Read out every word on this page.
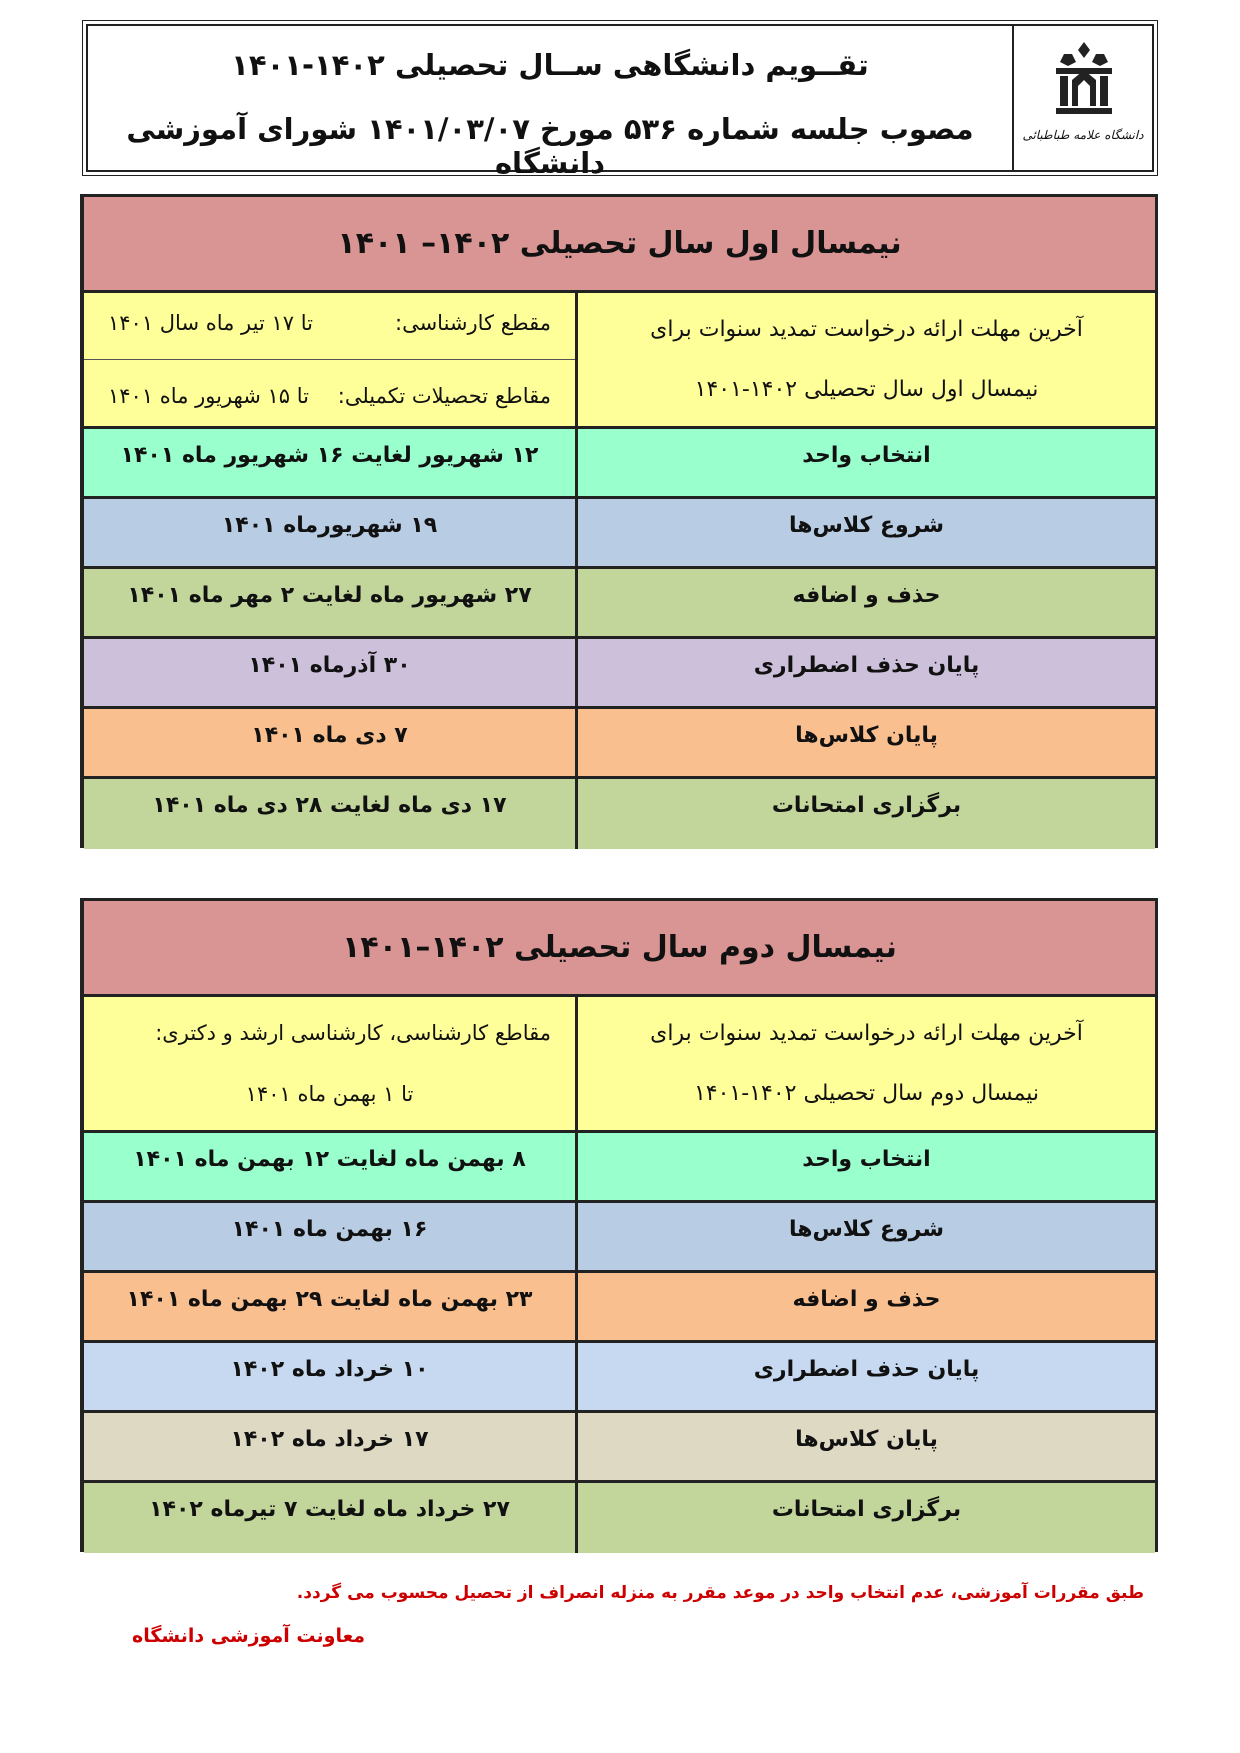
دانشگاه علامه طباطبائی
تقــویم دانشگاهی ســال تحصیلی ۱۴۰۲-۱۴۰۱
مصوب جلسه شماره ۵۳۶ مورخ ۱۴۰۱/۰۳/۰۷ شورای آموزشی دانشگاه
نیمسال اول سال تحصیلی ۱۴۰۲– ۱۴۰۱
آخرین مهلت ارائه درخواست تمدید سنوات برای
نیمسال اول سال تحصیلی ۱۴۰۲-۱۴۰۱
مقطع کارشناسی:
تا ۱۷ تیر ماه سال ۱۴۰۱
مقاطع تحصیلات تکمیلی:
تا ۱۵ شهریور ماه ۱۴۰۱
انتخاب واحد
۱۲ شهریور لغایت ۱۶ شهریور ماه ۱۴۰۱
شروع کلاس‌ها
۱۹ شهریورماه ۱۴۰۱
حذف و اضافه
۲۷ شهریور ماه لغایت ۲ مهر ماه ۱۴۰۱
پایان حذف اضطراری
۳۰ آذرماه ۱۴۰۱
پایان کلاس‌ها
۷ دی ماه ۱۴۰۱
برگزاری امتحانات
۱۷ دی ماه لغایت ۲۸ دی ماه ۱۴۰۱
نیمسال دوم سال تحصیلی ۱۴۰۲–۱۴۰۱
آخرین مهلت ارائه درخواست تمدید سنوات برای
نیمسال دوم سال تحصیلی ۱۴۰۲-۱۴۰۱
مقاطع کارشناسی، کارشناسی ارشد و دکتری:
تا ۱ بهمن ماه ۱۴۰۱
انتخاب واحد
۸ بهمن ماه لغایت ۱۲ بهمن ماه ۱۴۰۱
شروع کلاس‌ها
۱۶ بهمن ماه ۱۴۰۱
حذف و اضافه
۲۳ بهمن ماه لغایت ۲۹ بهمن ماه ۱۴۰۱
پایان حذف اضطراری
۱۰ خرداد ماه ۱۴۰۲
پایان کلاس‌ها
۱۷ خرداد ماه ۱۴۰۲
برگزاری امتحانات
۲۷ خرداد ماه لغایت ۷ تیرماه ۱۴۰۲
طبق مقررات آموزشی، عدم انتخاب واحد در موعد مقرر به منزله انصراف از تحصیل محسوب می گردد.
معاونت آموزشی دانشگاه
